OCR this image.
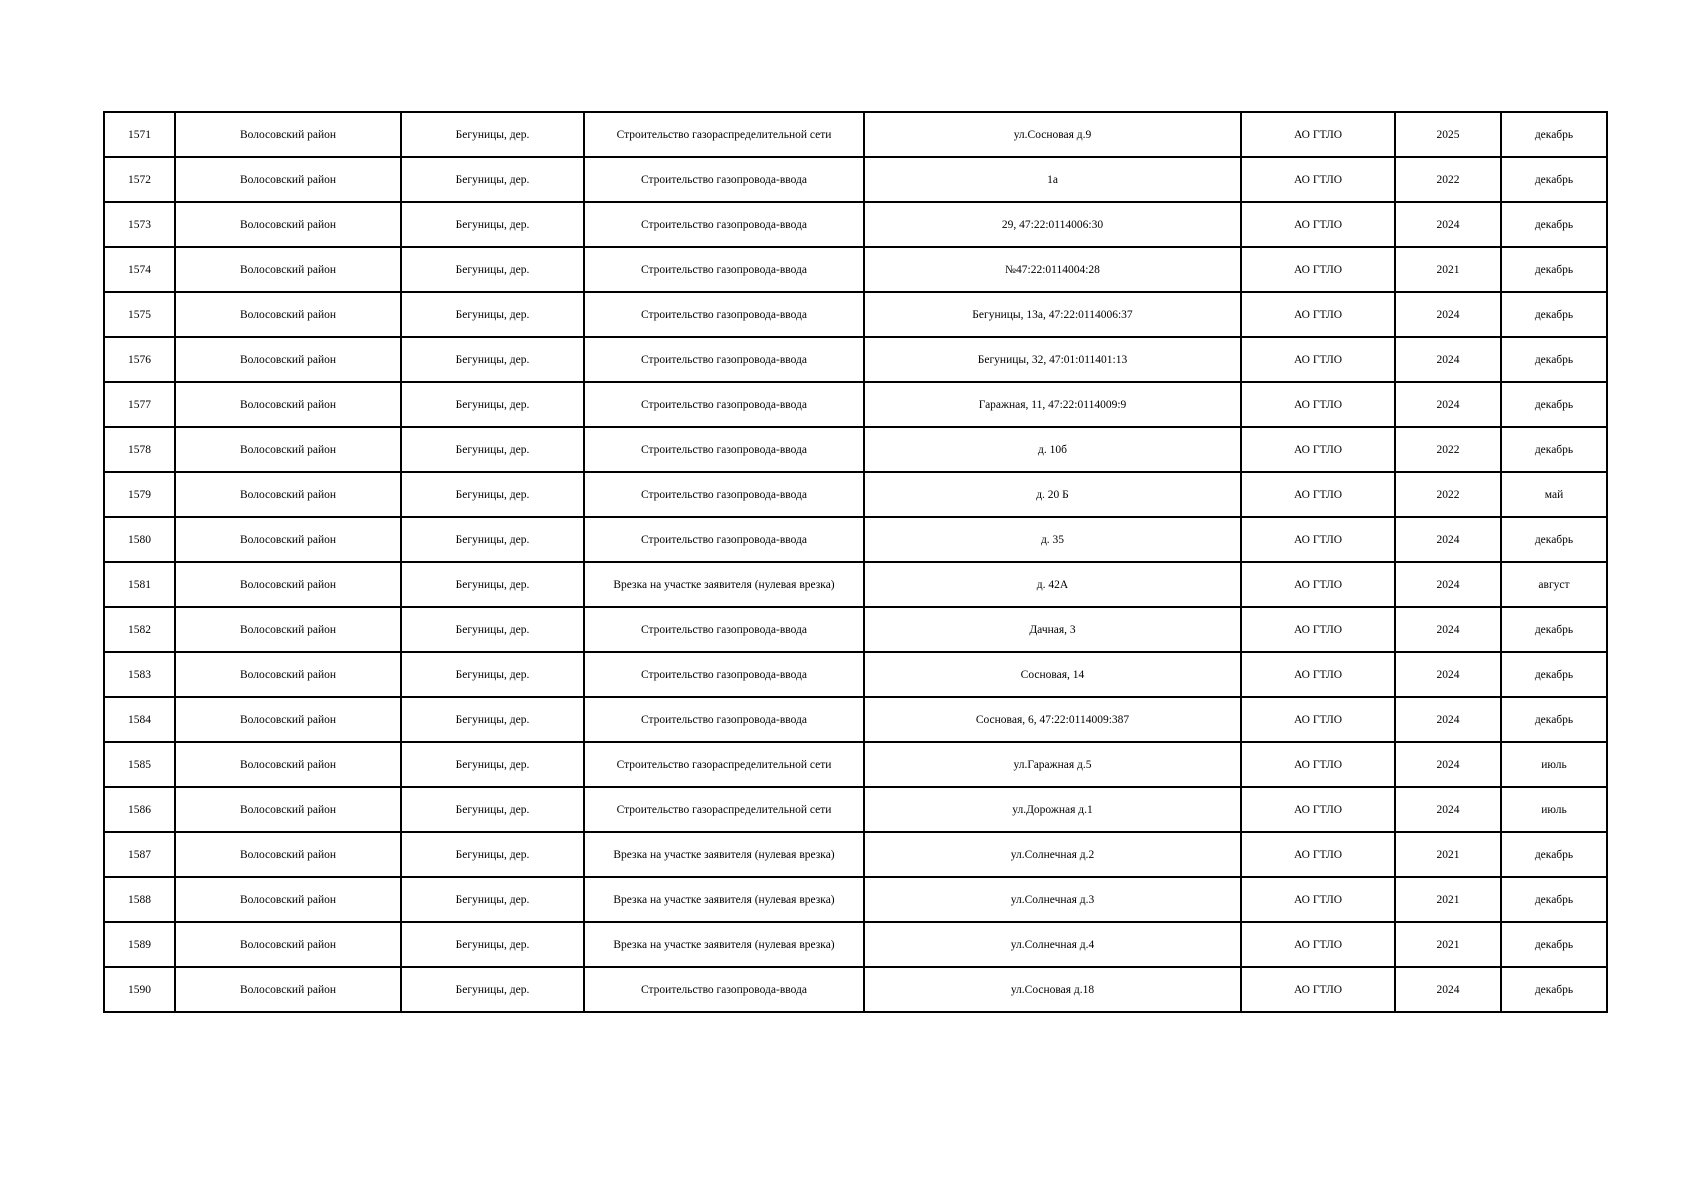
1571	Волосовский район	Бегуницы, дер.	Строительство газораспределительной сети	ул.Сосновая д.9	АО ГТЛО	2025	декабрь
1572	Волосовский район	Бегуницы, дер.	Строительство газопровода-ввода	1а	АО ГТЛО	2022	декабрь
1573	Волосовский район	Бегуницы, дер.	Строительство газопровода-ввода	29, 47:22:0114006:30	АО ГТЛО	2024	декабрь
1574	Волосовский район	Бегуницы, дер.	Строительство газопровода-ввода	№47:22:0114004:28	АО ГТЛО	2021	декабрь
1575	Волосовский район	Бегуницы, дер.	Строительство газопровода-ввода	Бегуницы, 13а, 47:22:0114006:37	АО ГТЛО	2024	декабрь
1576	Волосовский район	Бегуницы, дер.	Строительство газопровода-ввода	Бегуницы, 32, 47:01:011401:13	АО ГТЛО	2024	декабрь
1577	Волосовский район	Бегуницы, дер.	Строительство газопровода-ввода	Гаражная, 11, 47:22:0114009:9	АО ГТЛО	2024	декабрь
1578	Волосовский район	Бегуницы, дер.	Строительство газопровода-ввода	д. 10б	АО ГТЛО	2022	декабрь
1579	Волосовский район	Бегуницы, дер.	Строительство газопровода-ввода	д. 20 Б	АО ГТЛО	2022	май
1580	Волосовский район	Бегуницы, дер.	Строительство газопровода-ввода	д. 35	АО ГТЛО	2024	декабрь
1581	Волосовский район	Бегуницы, дер.	Врезка на участке заявителя (нулевая врезка)	д. 42А	АО ГТЛО	2024	август
1582	Волосовский район	Бегуницы, дер.	Строительство газопровода-ввода	Дачная, 3	АО ГТЛО	2024	декабрь
1583	Волосовский район	Бегуницы, дер.	Строительство газопровода-ввода	Сосновая, 14	АО ГТЛО	2024	декабрь
1584	Волосовский район	Бегуницы, дер.	Строительство газопровода-ввода	Сосновая, 6, 47:22:0114009:387	АО ГТЛО	2024	декабрь
1585	Волосовский район	Бегуницы, дер.	Строительство газораспределительной сети	ул.Гаражная д.5	АО ГТЛО	2024	июль
1586	Волосовский район	Бегуницы, дер.	Строительство газораспределительной сети	ул.Дорожная д.1	АО ГТЛО	2024	июль
1587	Волосовский район	Бегуницы, дер.	Врезка на участке заявителя (нулевая врезка)	ул.Солнечная д.2	АО ГТЛО	2021	декабрь
1588	Волосовский район	Бегуницы, дер.	Врезка на участке заявителя (нулевая врезка)	ул.Солнечная д.3	АО ГТЛО	2021	декабрь
1589	Волосовский район	Бегуницы, дер.	Врезка на участке заявителя (нулевая врезка)	ул.Солнечная д.4	АО ГТЛО	2021	декабрь
1590	Волосовский район	Бегуницы, дер.	Строительство газопровода-ввода	ул.Сосновая д.18	АО ГТЛО	2024	декабрь
